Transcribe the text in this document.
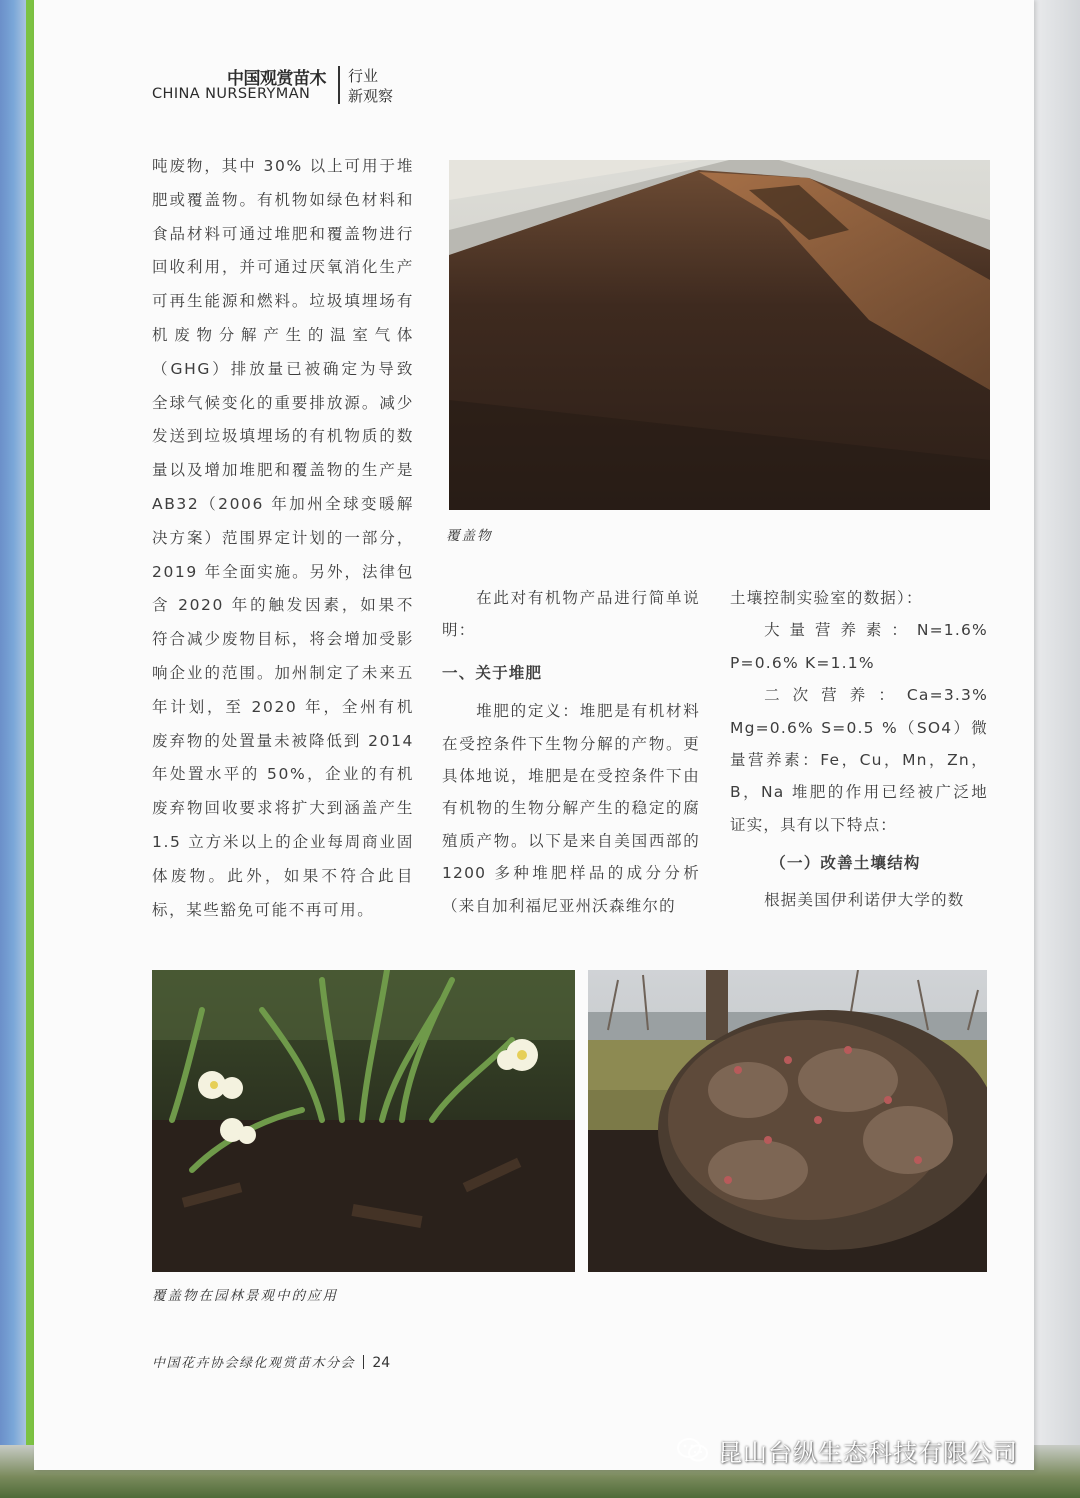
中国观赏苗木
CHINA NURSERYMAN
行业
新观察

吨废物，其中 30% 以上可用于堆肥或覆盖物。有机物如绿色材料和食品材料可通过堆肥和覆盖物进行回收利用，并可通过厌氧消化生产可再生能源和燃料。垃圾填埋场有机废物分解产生的温室气体（GHG）排放量已被确定为导致全球气候变化的重要排放源。减少发送到垃圾填埋场的有机物质的数量以及增加堆肥和覆盖物的生产是 AB32（2006 年加州全球变暖解决方案）范围界定计划的一部分，2019 年全面实施。另外，法律包含 2020 年的触发因素，如果不符合减少废物目标，将会增加受影响企业的范围。加州制定了未来五年计划，至 2020 年，全州有机废弃物的处置量未被降低到 2014 年处置水平的 50%，企业的有机废弃物回收要求将扩大到涵盖产生 1.5 立方米以上的企业每周商业固体废物。此外，如果不符合此目标，某些豁免可能不再可用。

覆盖物

在此对有机物产品进行简单说明：

一、关于堆肥

堆肥的定义：堆肥是有机材料在受控条件下生物分解的产物。更具体地说，堆肥是在受控条件下由有机物的生物分解产生的稳定的腐殖质产物。以下是来自美国西部的 1200 多种堆肥样品的成分分析（来自加利福尼亚州沃森维尔的

土壤控制实验室的数据）：

大量营养素：N=1.6% P=0.6% K=1.1%

二次营养：Ca=3.3% Mg=0.6% S=0.5 %（SO4）微量营养素：Fe，Cu，Mn，Zn，B，Na 堆肥的作用已经被广泛地证实，具有以下特点：

（一）改善土壤结构

根据美国伊利诺伊大学的数

覆盖物在园林景观中的应用
中国花卉协会绿化观赏苗木分会 24
昆山台纵生态科技有限公司
